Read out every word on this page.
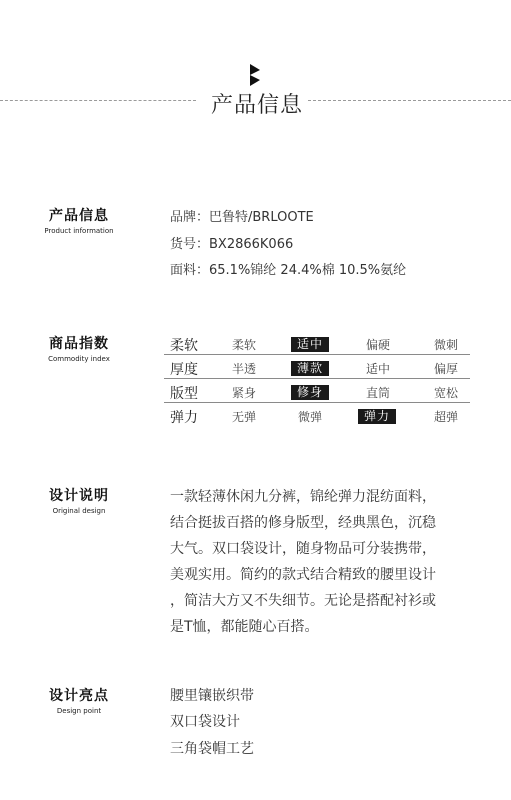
产品信息
产品信息
Product information
品牌：巴鲁特/BRLOOTE
货号：BX2866K066
面料：65.1%锦纶 24.4%棉 10.5%氨纶
商品指数
Commodity index
柔软	柔软	适中	偏硬	微刺
厚度	半透	薄款	适中	偏厚
版型	紧身	修身	直筒	宽松
弹力	无弹	微弹	弹力	超弹
设计说明
Original design
一款轻薄休闲九分裤，锦纶弹力混纺面料，
结合挺拔百搭的修身版型，经典黑色，沉稳
大气。双口袋设计，随身物品可分装携带，
美观实用。简约的款式结合精致的腰里设计
，简洁大方又不失细节。无论是搭配衬衫或
是T恤，都能随心百搭。
设计亮点
Design point
腰里镶嵌织带
双口袋设计
三角袋帽工艺
